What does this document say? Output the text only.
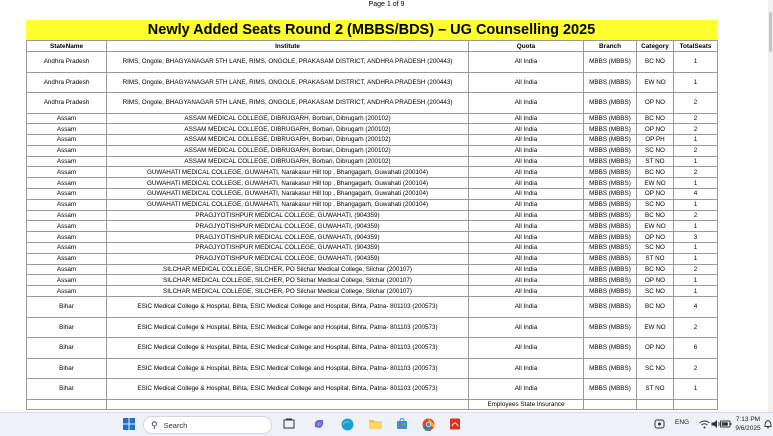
Page 1 of 9
Newly Added Seats Round 2 (MBBS/BDS) – UG Counselling 2025
StateName	Institute	Quota	Branch	Category	TotalSeats
Andhra Pradesh	RIMS, Ongole, BHAGYANAGAR 5TH LANE, RIMS, ONGOLE, PRAKASAM DISTRICT, ANDHRA PRADESH (200443)	All India	MBBS (MBBS)	BC NO	1
Andhra Pradesh	RIMS, Ongole, BHAGYANAGAR 5TH LANE, RIMS, ONGOLE, PRAKASAM DISTRICT, ANDHRA PRADESH (200443)	All India	MBBS (MBBS)	EW NO	1
Andhra Pradesh	RIMS, Ongole, BHAGYANAGAR 5TH LANE, RIMS, ONGOLE, PRAKASAM DISTRICT, ANDHRA PRADESH (200443)	All India	MBBS (MBBS)	OP NO	2
Assam	ASSAM MEDICAL COLLEGE, DIBRUGARH, Borbari, Dibrugarh (200102)	All India	MBBS (MBBS)	BC NO	2
Assam	ASSAM MEDICAL COLLEGE, DIBRUGARH, Borbari, Dibrugarh (200102)	All India	MBBS (MBBS)	OP NO	2
Assam	ASSAM MEDICAL COLLEGE, DIBRUGARH, Borbari, Dibrugarh (200102)	All India	MBBS (MBBS)	OP PH	1
Assam	ASSAM MEDICAL COLLEGE, DIBRUGARH, Borbari, Dibrugarh (200102)	All India	MBBS (MBBS)	SC NO	2
Assam	ASSAM MEDICAL COLLEGE, DIBRUGARH, Borbari, Dibrugarh (200102)	All India	MBBS (MBBS)	ST NO	1
Assam	GUWAHATI MEDICAL COLLEGE, GUWAHATI, Narakasur Hill top , Bhangagarh, Guwahati (200104)	All India	MBBS (MBBS)	BC NO	2
Assam	GUWAHATI MEDICAL COLLEGE, GUWAHATI, Narakasur Hill top , Bhangagarh, Guwahati (200104)	All India	MBBS (MBBS)	EW NO	1
Assam	GUWAHATI MEDICAL COLLEGE, GUWAHATI, Narakasur Hill top , Bhangagarh, Guwahati (200104)	All India	MBBS (MBBS)	OP NO	4
Assam	GUWAHATI MEDICAL COLLEGE, GUWAHATI, Narakasur Hill top , Bhangagarh, Guwahati (200104)	All India	MBBS (MBBS)	SC NO	1
Assam	PRAGJYOTISHPUR MEDICAL COLLEGE, GUWAHATI, (904359)	All India	MBBS (MBBS)	BC NO	2
Assam	PRAGJYOTISHPUR MEDICAL COLLEGE, GUWAHATI, (904359)	All India	MBBS (MBBS)	EW NO	1
Assam	PRAGJYOTISHPUR MEDICAL COLLEGE, GUWAHATI, (904359)	All India	MBBS (MBBS)	OP NO	3
Assam	PRAGJYOTISHPUR MEDICAL COLLEGE, GUWAHATI, (904359)	All India	MBBS (MBBS)	SC NO	1
Assam	PRAGJYOTISHPUR MEDICAL COLLEGE, GUWAHATI, (904359)	All India	MBBS (MBBS)	ST NO	1
Assam	SILCHAR MEDICAL COLLEGE, SILCHER, PO Silchar Medical College, Silchar (200107)	All India	MBBS (MBBS)	BC NO	2
Assam	SILCHAR MEDICAL COLLEGE, SILCHER, PO Silchar Medical College, Silchar (200107)	All India	MBBS (MBBS)	OP NO	1
Assam	SILCHAR MEDICAL COLLEGE, SILCHER, PO Silchar Medical College, Silchar (200107)	All India	MBBS (MBBS)	SC NO	1
Bihar	ESIC Medical College & Hospital, Bihta, ESIC Medical College and Hospital, Bihta, Patna- 801103 (200573)	All India	MBBS (MBBS)	BC NO	4
Bihar	ESIC Medical College & Hospital, Bihta, ESIC Medical College and Hospital, Bihta, Patna- 801103 (200573)	All India	MBBS (MBBS)	EW NO	2
Bihar	ESIC Medical College & Hospital, Bihta, ESIC Medical College and Hospital, Bihta, Patna- 801103 (200573)	All India	MBBS (MBBS)	OP NO	6
Bihar	ESIC Medical College & Hospital, Bihta, ESIC Medical College and Hospital, Bihta, Patna- 801103 (200573)	All India	MBBS (MBBS)	SC NO	2
Bihar	ESIC Medical College & Hospital, Bihta, ESIC Medical College and Hospital, Bihta, Patna- 801103 (200573)	All India	MBBS (MBBS)	ST NO	1
		Employees State Insurance			
⚲ Search	ENG	7:13 PM
9/6/2025
